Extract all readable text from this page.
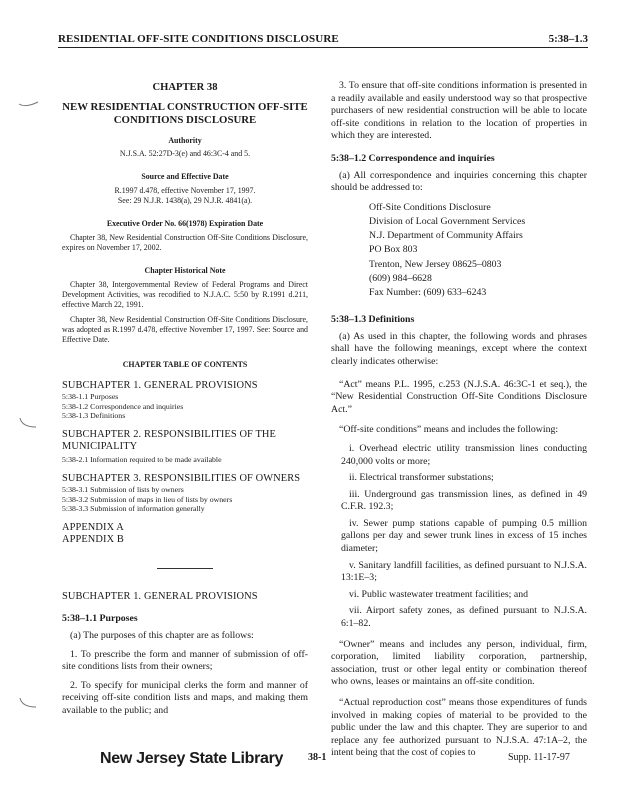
RESIDENTIAL OFF-SITE CONDITIONS DISCLOSURE	5:38–1.3

CHAPTER 38

NEW RESIDENTIAL CONSTRUCTION OFF-SITE CONDITIONS DISCLOSURE

Authority

N.J.S.A. 52:27D-3(e) and 46:3C-4 and 5.

Source and Effective Date

R.1997 d.478, effective November 17, 1997.

See: 29 N.J.R. 1438(a), 29 N.J.R. 4841(a).

Executive Order No. 66(1978) Expiration Date

Chapter 38, New Residential Construction Off-Site Conditions Disclosure, expires on November 17, 2002.

Chapter Historical Note

Chapter 38, Intergovernmental Review of Federal Programs and Direct Development Activities, was recodified to N.J.A.C. 5:50 by R.1991 d.211, effective March 22, 1991.

Chapter 38, New Residential Construction Off-Site Conditions Disclosure, was adopted as R.1997 d.478, effective November 17, 1997. See: Source and Effective Date.

CHAPTER TABLE OF CONTENTS

SUBCHAPTER 1. GENERAL PROVISIONS

5:38-1.1 Purposes

5:38-1.2 Correspondence and inquiries

5:38-1.3 Definitions

SUBCHAPTER 2. RESPONSIBILITIES OF THE MUNICIPALITY

5:38-2.1 Information required to be made available

SUBCHAPTER 3. RESPONSIBILITIES OF OWNERS

5:38-3.1 Submission of lists by owners

5:38-3.2 Submission of maps in lieu of lists by owners

5:38-3.3 Submission of information generally

APPENDIX A

APPENDIX B

SUBCHAPTER 1. GENERAL PROVISIONS

5:38–1.1 Purposes

(a) The purposes of this chapter are as follows:

1. To prescribe the form and manner of submission of off-site conditions lists from their owners;

2. To specify for municipal clerks the form and manner of receiving off-site condition lists and maps, and making them available to the public; and

3. To ensure that off-site conditions information is presented in a readily available and easily understood way so that prospective purchasers of new residential construction will be able to locate off-site conditions in relation to the location of properties in which they are interested.

5:38–1.2 Correspondence and inquiries

(a) All correspondence and inquiries concerning this chapter should be addressed to:

Off-Site Conditions Disclosure

Division of Local Government Services

N.J. Department of Community Affairs

PO Box 803

Trenton, New Jersey 08625–0803

(609) 984–6628

Fax Number: (609) 633–6243

5:38–1.3 Definitions

(a) As used in this chapter, the following words and phrases shall have the following meanings, except where the context clearly indicates otherwise:

“Act” means P.L. 1995, c.253 (N.J.S.A. 46:3C-1 et seq.), the “New Residential Construction Off-Site Conditions Disclosure Act.”

“Off-site conditions” means and includes the following:

i. Overhead electric utility transmission lines conducting 240,000 volts or more;

ii. Electrical transformer substations;

iii. Underground gas transmission lines, as defined in 49 C.F.R. 192.3;

iv. Sewer pump stations capable of pumping 0.5 million gallons per day and sewer trunk lines in excess of 15 inches diameter;

v. Sanitary landfill facilities, as defined pursuant to N.J.S.A. 13:1E–3;

vi. Public wastewater treatment facilities; and

vii. Airport safety zones, as defined pursuant to N.J.S.A. 6:1–82.

“Owner” means and includes any person, individual, firm, corporation, limited liability corporation, partnership, association, trust or other legal entity or combination thereof who owns, leases or maintains an off-site condition.

“Actual reproduction cost” means those expenditures of funds involved in making copies of material to be provided to the public under the law and this chapter. They are superior to and replace any fee authorized pursuant to N.J.S.A. 47:1A–2, the intent being that the cost of copies to

New Jersey State Library 38-1	Supp. 11-17-97
